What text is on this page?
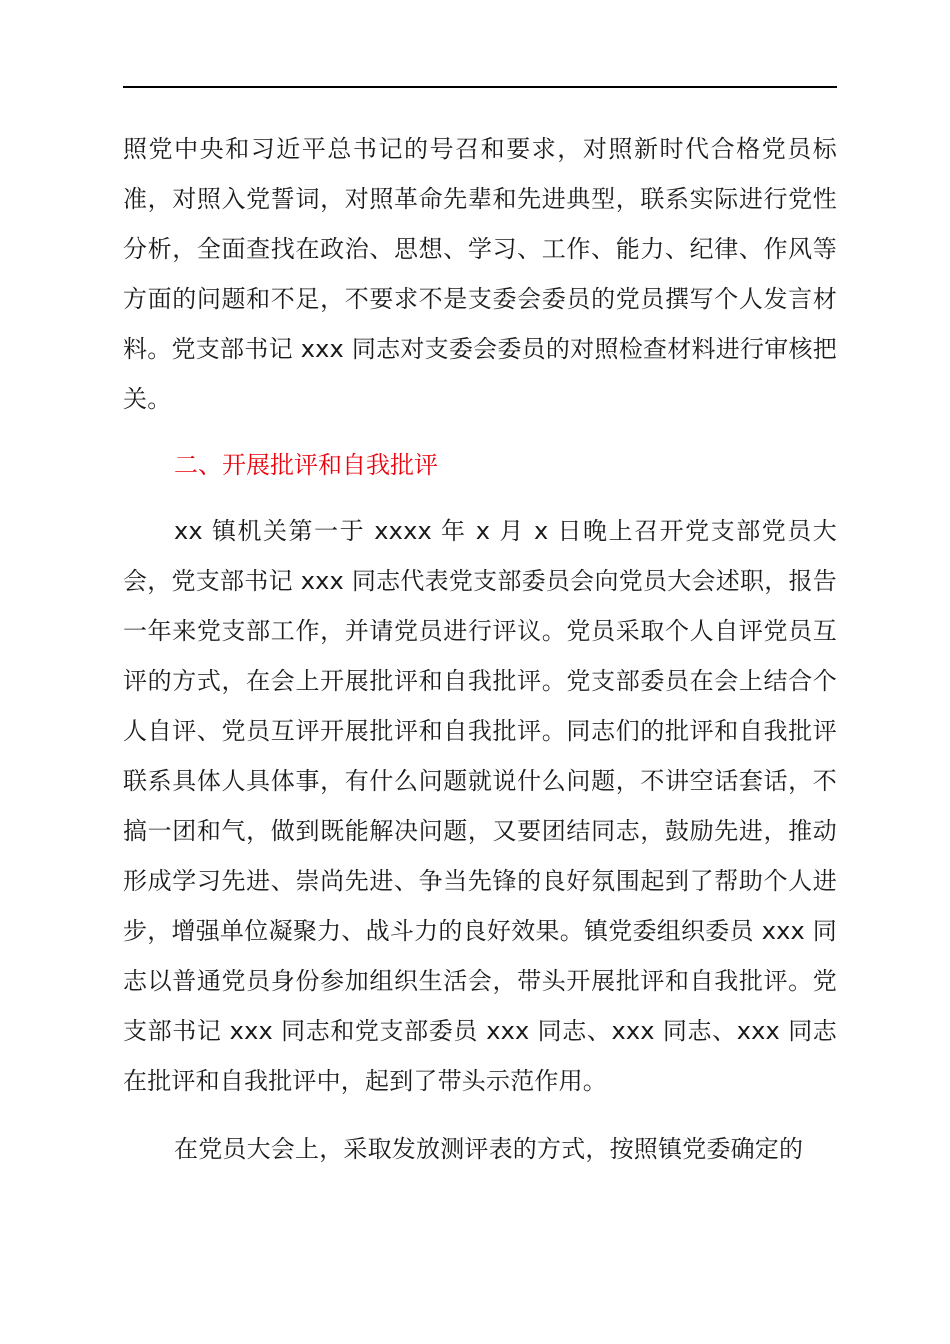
照党中央和习近平总书记的号召和要求，对照新时代合格党员标准，对照入党誓词，对照革命先辈和先进典型，联系实际进行党性分析，全面查找在政治、思想、学习、工作、能力、纪律、作风等方面的问题和不足，不要求不是支委会委员的党员撰写个人发言材料。党支部书记 xxx 同志对支委会委员的对照检查材料进行审核把关。

二、开展批评和自我批评

xx 镇机关第一于 xxxx 年 x 月 x 日晚上召开党支部党员大会，党支部书记 xxx 同志代表党支部委员会向党员大会述职，报告一年来党支部工作，并请党员进行评议。党员采取个人自评党员互评的方式，在会上开展批评和自我批评。党支部委员在会上结合个人自评、党员互评开展批评和自我批评。同志们的批评和自我批评联系具体人具体事，有什么问题就说什么问题，不讲空话套话，不搞一团和气，做到既能解决问题，又要团结同志，鼓励先进，推动形成学习先进、崇尚先进、争当先锋的良好氛围起到了帮助个人进步，增强单位凝聚力、战斗力的良好效果。镇党委组织委员 xxx 同志以普通党员身份参加组织生活会，带头开展批评和自我批评。党支部书记 xxx 同志和党支部委员 xxx 同志、xxx 同志、xxx 同志在批评和自我批评中，起到了带头示范作用。

在党员大会上，采取发放测评表的方式，按照镇党委确定的
